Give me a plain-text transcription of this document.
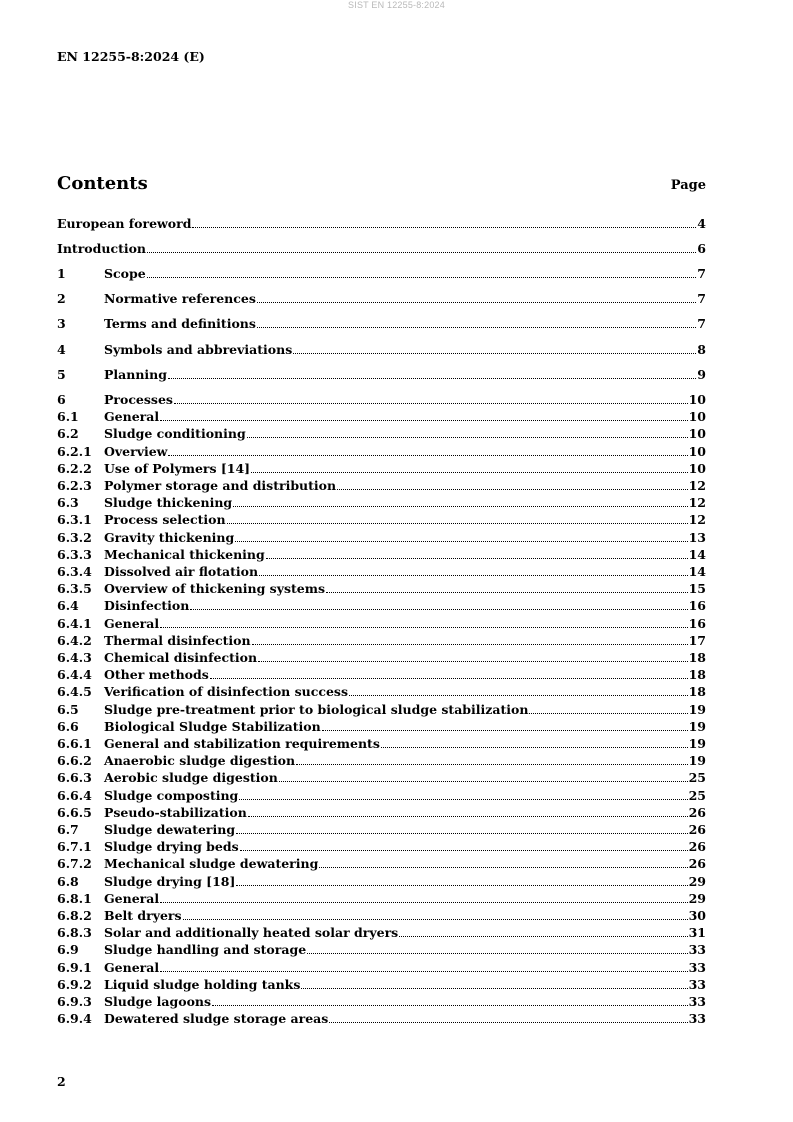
SIST EN 12255-8:2024
EN 12255-8:2024 (E)
Contents	Page
European foreword	4
Introduction	6
1	Scope	7
2	Normative references	7
3	Terms and definitions	7
4	Symbols and abbreviations	8
5	Planning	9
6	Processes	10
6.1	General	10
6.2	Sludge conditioning	10
6.2.1 Overview	10
6.2.2 Use of Polymers [14]	10
6.2.3 Polymer storage and distribution	12
6.3	Sludge thickening	12
6.3.1 Process selection	12
6.3.2 Gravity thickening	13
6.3.3 Mechanical thickening	14
6.3.4 Dissolved air flotation	14
6.3.5 Overview of thickening systems	15
6.4	Disinfection	16
6.4.1 General	16
6.4.2 Thermal disinfection	17
6.4.3 Chemical disinfection	18
6.4.4 Other methods	18
6.4.5 Verification of disinfection success	18
6.5	Sludge pre-treatment prior to biological sludge stabilization	19
6.6	Biological Sludge Stabilization	19
6.6.1 General and stabilization requirements	19
6.6.2 Anaerobic sludge digestion	19
6.6.3 Aerobic sludge digestion	25
6.6.4 Sludge composting	25
6.6.5 Pseudo-stabilization	26
6.7	Sludge dewatering	26
6.7.1 Sludge drying beds	26
6.7.2 Mechanical sludge dewatering	26
6.8	Sludge drying [18]	29
6.8.1 General	29
6.8.2 Belt dryers	30
6.8.3 Solar and additionally heated solar dryers	31
6.9	Sludge handling and storage	33
6.9.1 General	33
6.9.2 Liquid sludge holding tanks	33
6.9.3 Sludge lagoons	33
6.9.4 Dewatered sludge storage areas	33
2
